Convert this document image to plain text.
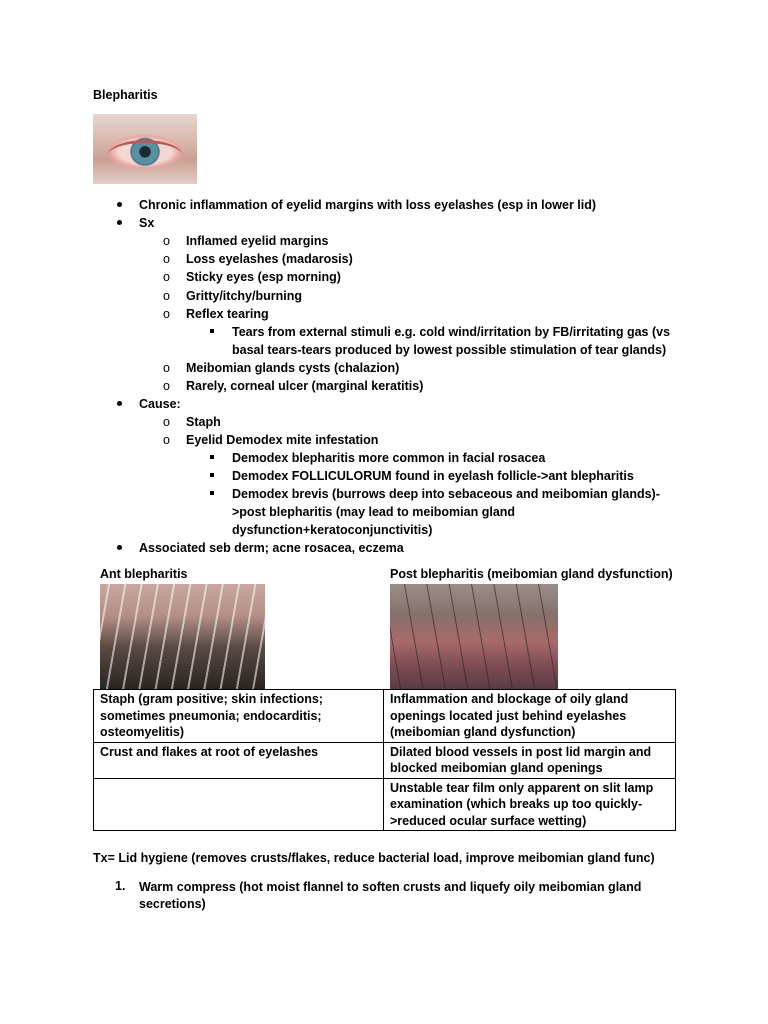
Blepharitis
Chronic inflammation of eyelid margins with loss eyelashes (esp in lower lid)
Sx
o Inflamed eyelid margins
o Loss eyelashes (madarosis)
o Sticky eyes (esp morning)
o Gritty/itchy/burning
o Reflex tearing
Tears from external stimuli e.g. cold wind/irritation by FB/irritating gas (vs
basal tears-tears produced by lowest possible stimulation of tear glands)
o Meibomian glands cysts (chalazion)
o Rarely, corneal ulcer (marginal keratitis)
Cause:
o Staph
o Eyelid Demodex mite infestation
Demodex blepharitis more common in facial rosacea
Demodex FOLLICULORUM found in eyelash follicle->ant blepharitis
Demodex brevis (burrows deep into sebaceous and meibomian glands)-
>post blepharitis (may lead to meibomian gland
dysfunction+keratoconjunctivitis)
Associated seb derm; acne rosacea, eczema
Ant blepharitis	Post blepharitis (meibomian gland dysfunction)
Staph (gram positive; skin infections; sometimes pneumonia; endocarditis; osteomyelitis)	Inflammation and blockage of oily gland openings located just behind eyelashes (meibomian gland dysfunction)
Crust and flakes at root of eyelashes	Dilated blood vessels in post lid margin and blocked meibomian gland openings
	Unstable tear film only apparent on slit lamp examination (which breaks up too quickly->reduced ocular surface wetting)
Tx= Lid hygiene (removes crusts/flakes, reduce bacterial load, improve meibomian gland func)
1. Warm compress (hot moist flannel to soften crusts and liquefy oily meibomian gland secretions)
